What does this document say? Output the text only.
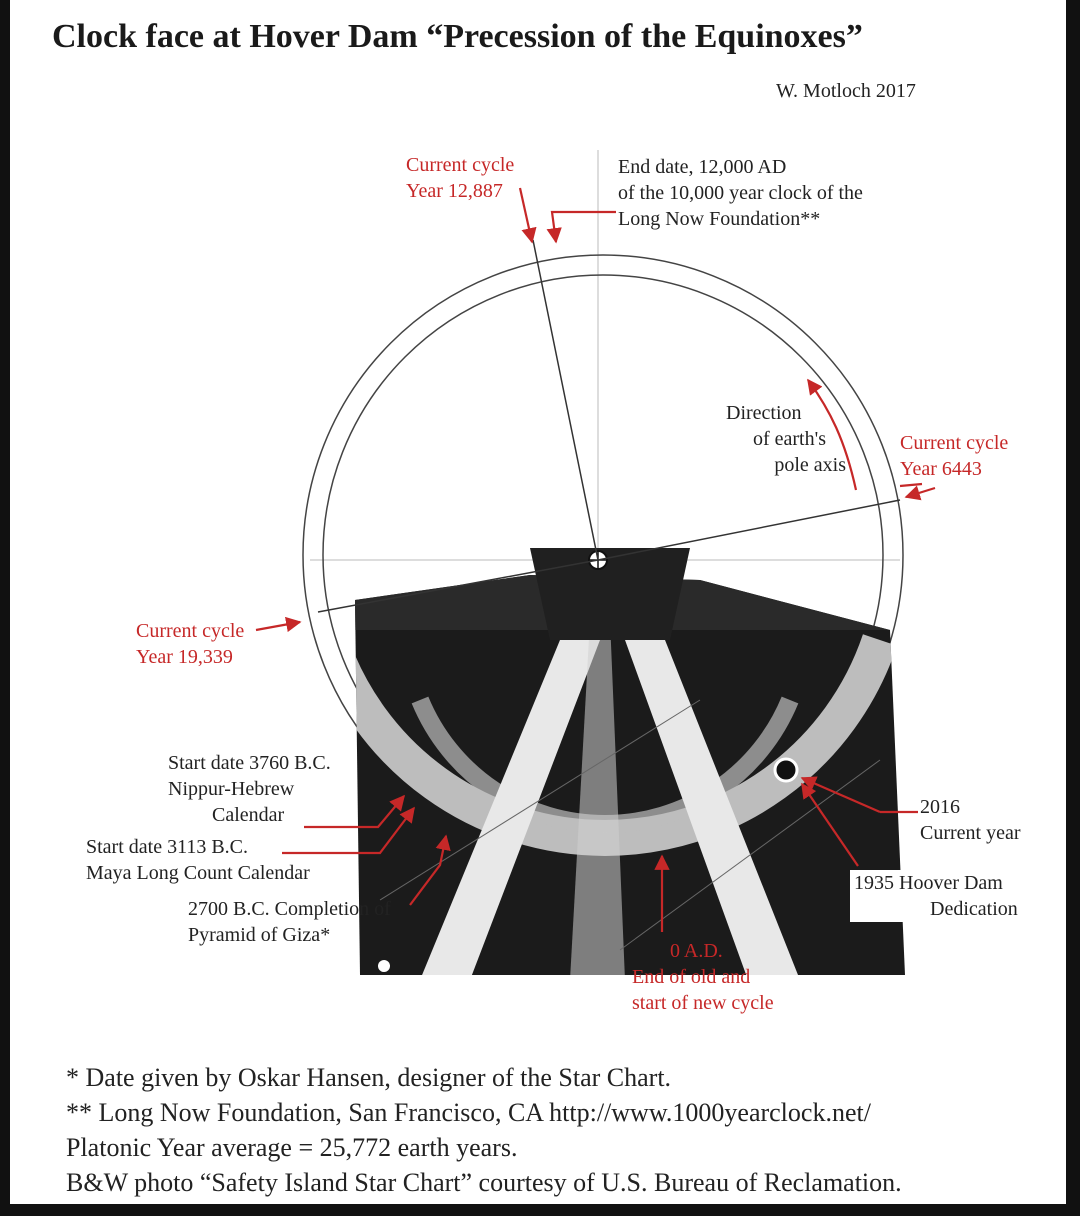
Clock face at Hover Dam “Precession of the Equinoxes”
W. Motloch 2017
Current cycle
Year 12,887
End date, 12,000 AD
of the 10,000 year clock of the
Long Now Foundation**
Direction
of earth's
pole axis
Current cycle
Year 6443
Current cycle
Year 19,339
Start date 3760 B.C.
Nippur-Hebrew
Calendar
Start date 3113 B.C.
Maya Long Count Calendar
2700 B.C. Completion of
Pyramid of Giza*
2016
Current year
1935 Hoover Dam
Dedication
0 A.D.
End of old and
start of new cycle
* Date given by Oskar Hansen, designer of the Star Chart.
** Long Now Foundation, San Francisco, CA http://www.1000yearclock.net/
Platonic Year average = 25,772 earth years.
B&W photo “Safety Island Star Chart” courtesy of U.S. Bureau of Reclamation.
